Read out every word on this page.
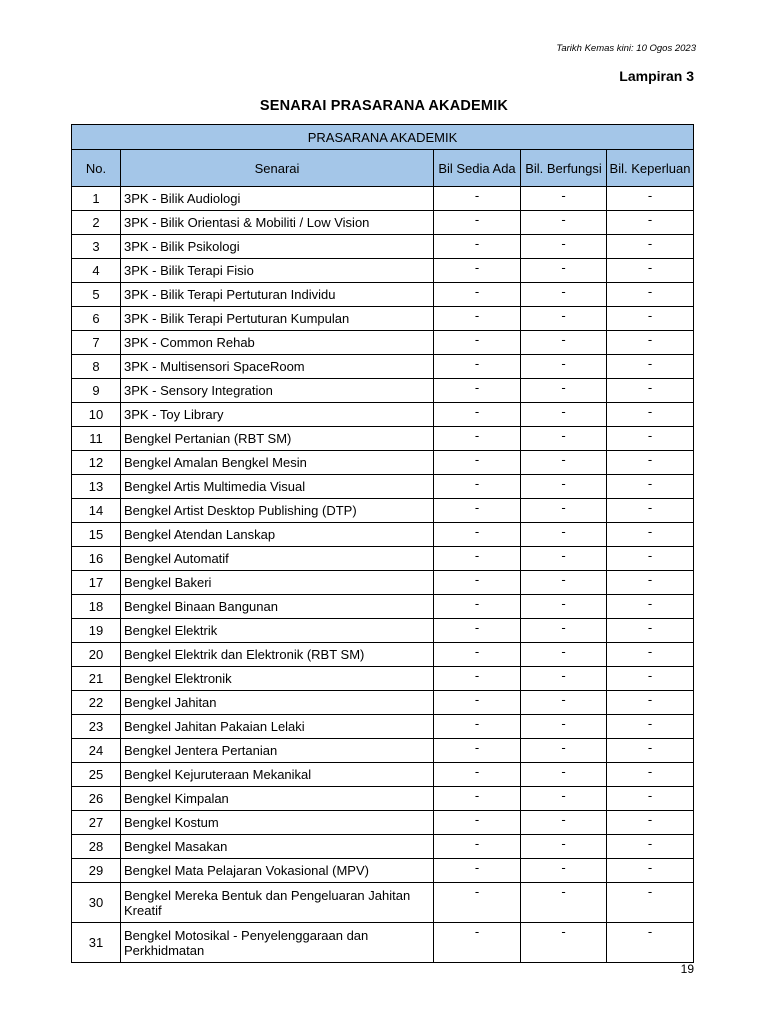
Tarikh Kemas kini: 10 Ogos 2023
Lampiran 3
SENARAI PRASARANA AKADEMIK
PRASARANA AKADEMIK				
No.	Senarai	Bil Sedia Ada	Bil. Berfungsi	Bil. Keperluan
1	3PK - Bilik Audiologi	-	-	-
2	3PK - Bilik Orientasi & Mobiliti / Low Vision	-	-	-
3	3PK - Bilik Psikologi	-	-	-
4	3PK - Bilik Terapi Fisio	-	-	-
5	3PK - Bilik Terapi Pertuturan Individu	-	-	-
6	3PK - Bilik Terapi Pertuturan Kumpulan	-	-	-
7	3PK - Common Rehab	-	-	-
8	3PK - Multisensori SpaceRoom	-	-	-
9	3PK - Sensory Integration	-	-	-
10	3PK - Toy Library	-	-	-
11	Bengkel Pertanian (RBT SM)	-	-	-
12	Bengkel Amalan Bengkel Mesin	-	-	-
13	Bengkel Artis Multimedia Visual	-	-	-
14	Bengkel Artist Desktop Publishing (DTP)	-	-	-
15	Bengkel Atendan Lanskap	-	-	-
16	Bengkel Automatif	-	-	-
17	Bengkel Bakeri	-	-	-
18	Bengkel Binaan Bangunan	-	-	-
19	Bengkel Elektrik	-	-	-
20	Bengkel Elektrik dan Elektronik (RBT SM)	-	-	-
21	Bengkel Elektronik	-	-	-
22	Bengkel Jahitan	-	-	-
23	Bengkel Jahitan Pakaian Lelaki	-	-	-
24	Bengkel Jentera Pertanian	-	-	-
25	Bengkel Kejuruteraan Mekanikal	-	-	-
26	Bengkel Kimpalan	-	-	-
27	Bengkel Kostum	-	-	-
28	Bengkel Masakan	-	-	-
29	Bengkel Mata Pelajaran Vokasional (MPV)	-	-	-
30	Bengkel Mereka Bentuk dan Pengeluaran Jahitan Kreatif	-	-	-
31	Bengkel Motosikal - Penyelenggaraan dan Perkhidmatan	-	-	-
19
